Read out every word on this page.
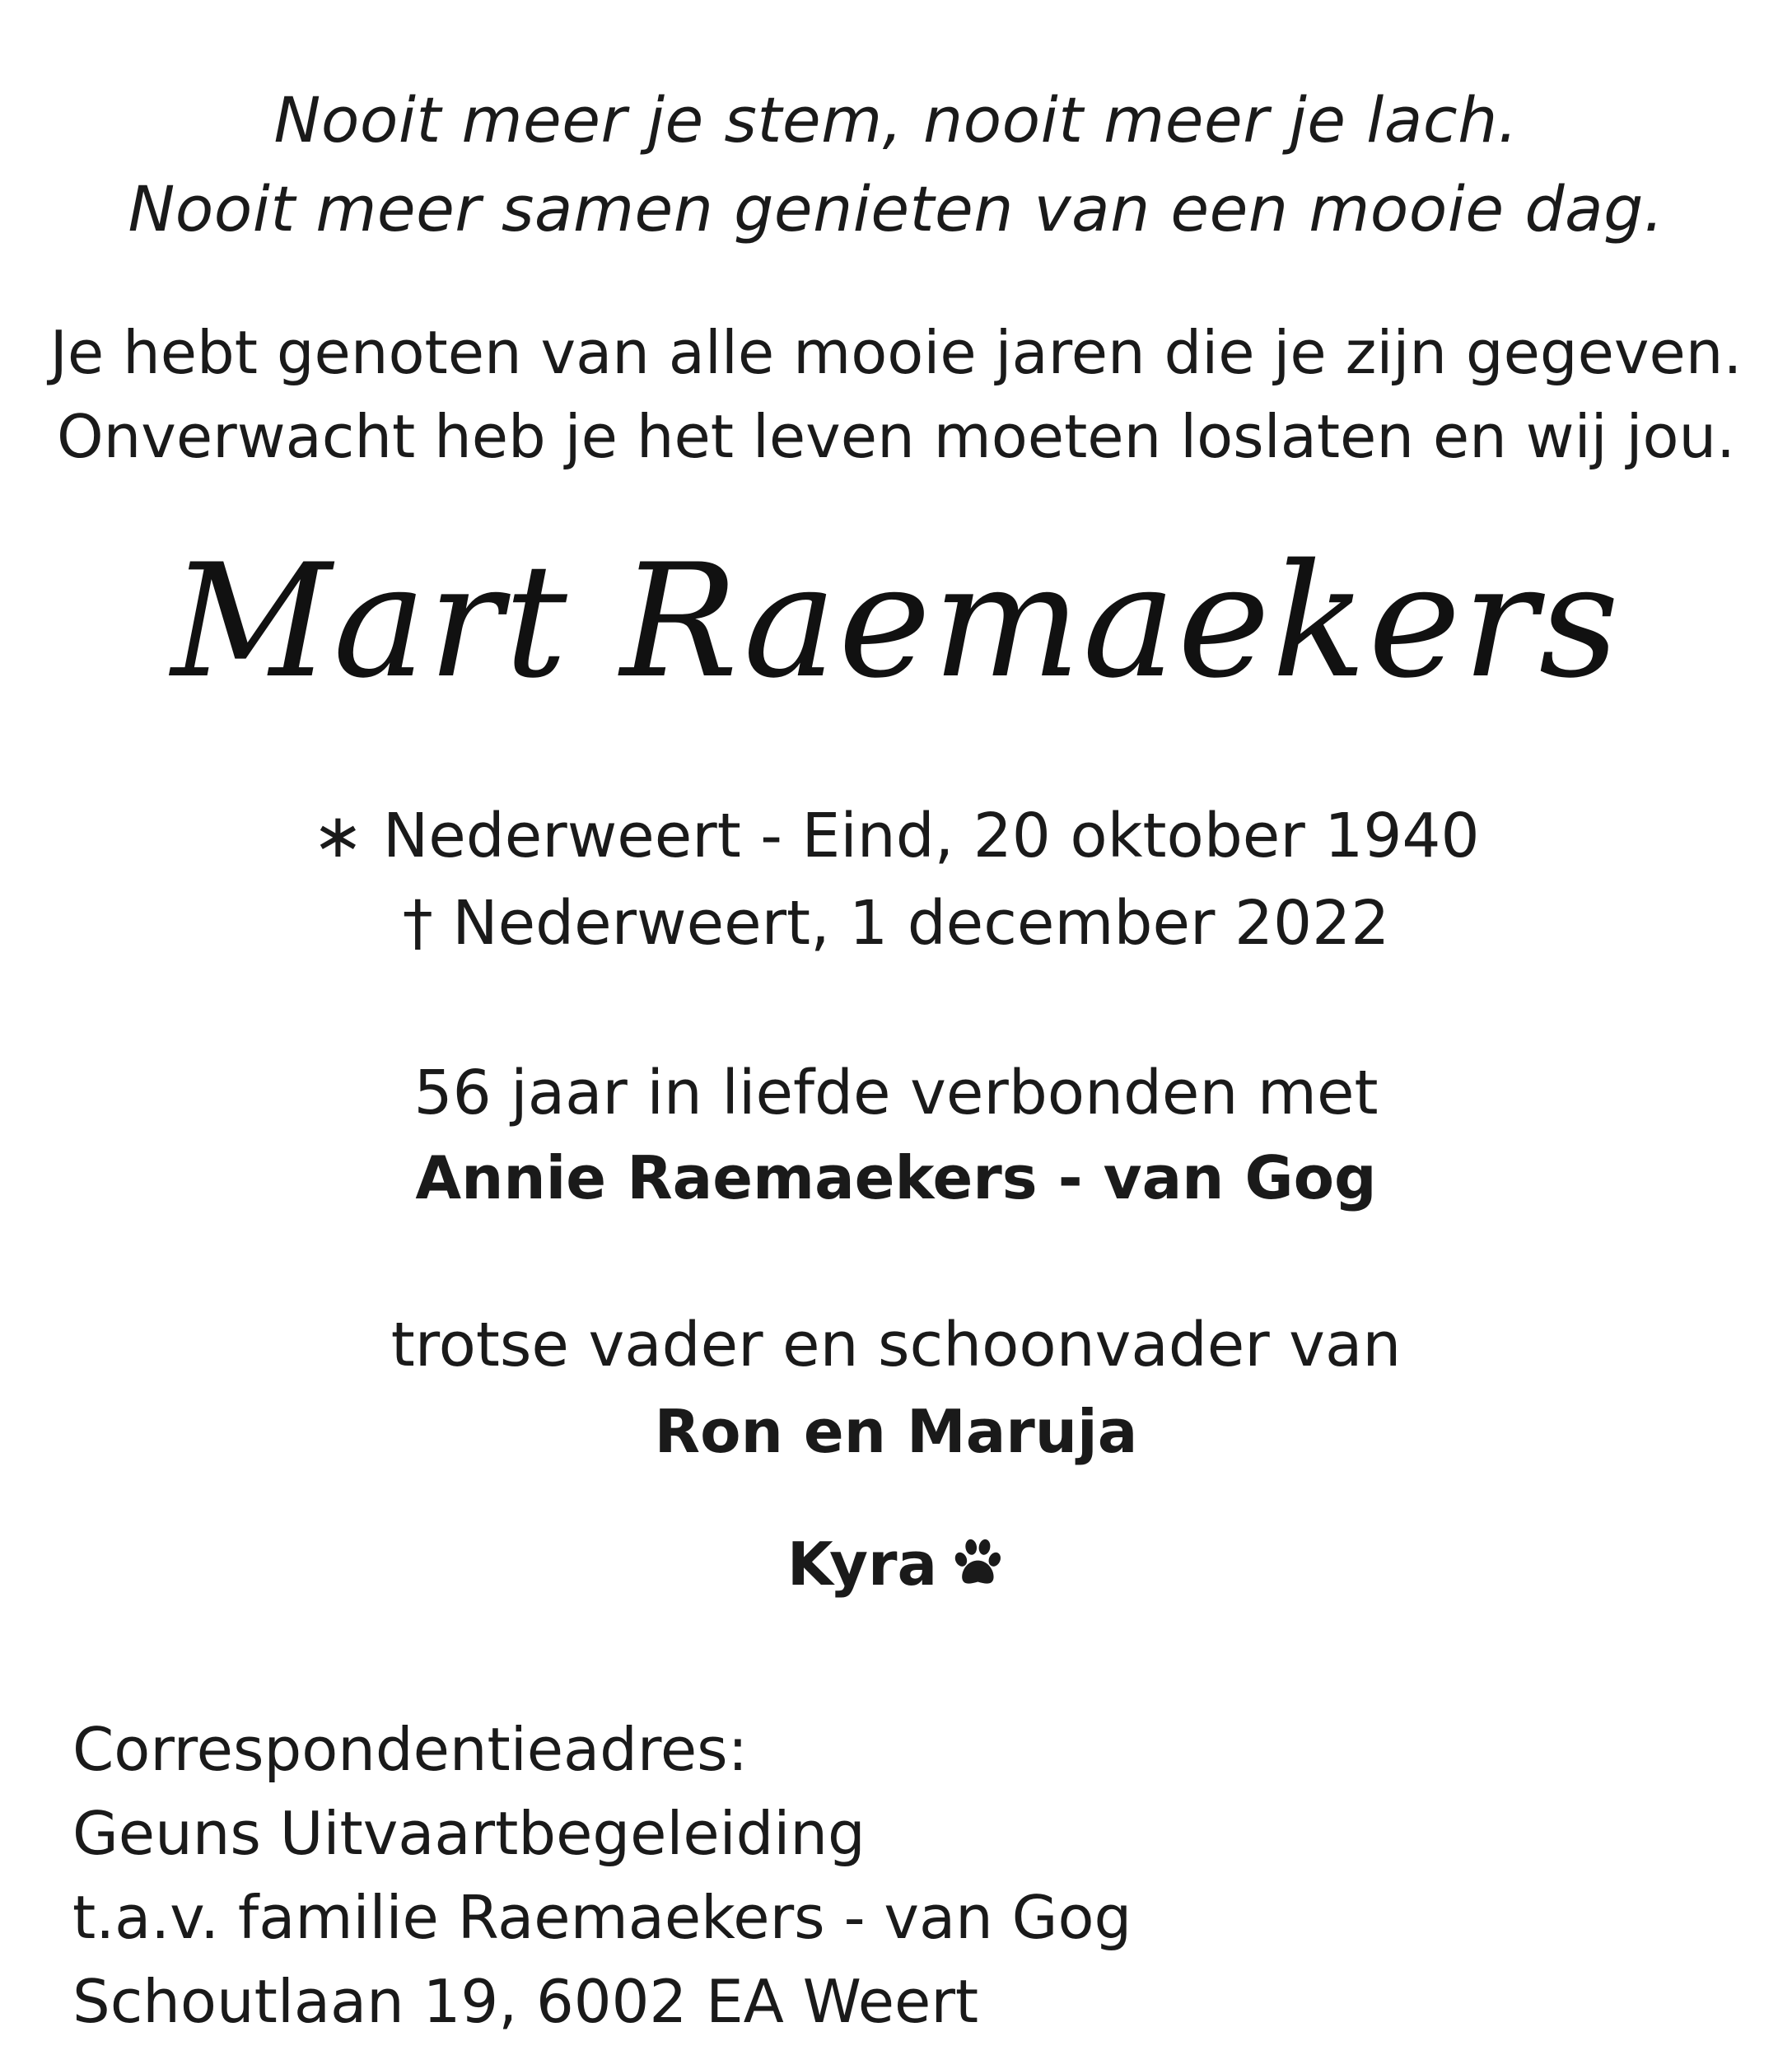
Nooit meer je stem, nooit meer je lach.
Nooit meer samen genieten van een mooie dag.
Je hebt genoten van alle mooie jaren die je zijn gegeven.
Onverwacht heb je het leven moeten loslaten en wij jou.
Mart Raemaekers
∗ Nederweert - Eind, 20 oktober 1940
† Nederweert, 1 december 2022
56 jaar in liefde verbonden met
Annie Raemaekers - van Gog
trotse vader en schoonvader van
Ron en Maruja
Kyra
Correspondentieadres:
Geuns Uitvaartbegeleiding
t.a.v. familie Raemaekers - van Gog
Schoutlaan 19, 6002 EA Weert
